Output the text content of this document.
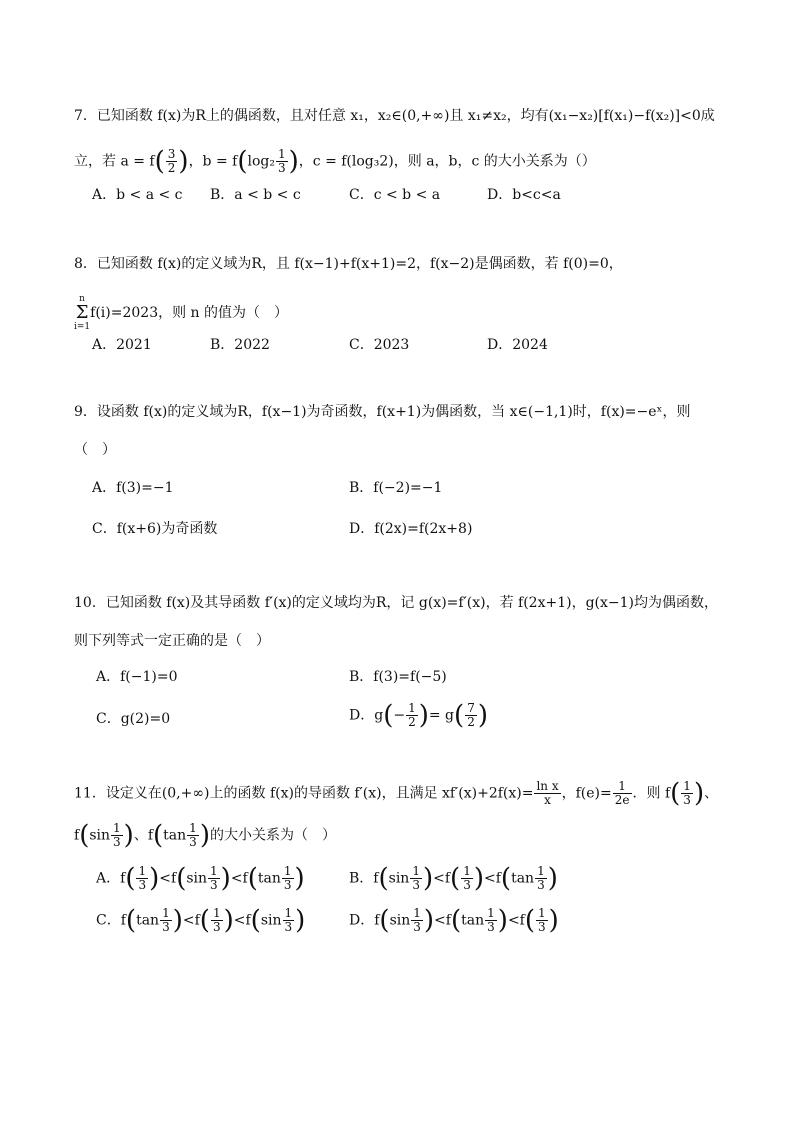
7．已知函数 f(x)为R上的偶函数，且对任意 x₁，x₂∈(0,+∞)且 x₁≠x₂，均有(x₁−x₂)[f(x₁)−f(x₂)]<0成
立，若 $a = f( \frac{3}{2}$ )，$b = f(\log_2 \frac{1}{3}$ )，c = f(log₃2)，则 a，b，c 的大小关系为（）
A．b < a < c B．a < b < c	C．c < b < a	D．b<c<a
8．已知函数 f(x)的定义域为R，且 f(x−1)+f(x+1)=2，f(x−2)是偶函数，若 f(0)=0，
n
Σ
i=1f(i)=2023，则 n 的值为（　）
A．2021	B．2022	C．2023	D．2024
9．设函数 f(x)的定义域为R，f(x−1)为奇函数，f(x+1)为偶函数，当 x∈(−1,1)时，f(x)=−eˣ，则
（　）
A．f(3)=−1	B．f(−2)=−1
C．f(x+6)为奇函数	D．f(2x)=f(2x+8)
10．已知函数 f(x)及其导函数 f′(x)的定义域均为R，记 g(x)=f′(x)，若 f(2x+1)，g(x−1)均为偶函数，
则下列等式一定正确的是（　）
A．f(−1)=0	B．f(3)=f(−5)
C．g(2)=0	D．$g(- \frac{1}{2}$ )= $g( \frac{7}{2}$ )
11．设定义在(0,+∞)上的函数 f(x)的导函数 f′(x)，且满足 $xf'(x)+2f(x)= \frac{\text{ln x}}{x}$ ，$f(e)= \frac{1}{2e}$ ．则 $f( \frac{1}{3}$ )、
$f(\sin \frac{1}{3}$ )、$f(\tan \frac{1}{3}$ )的大小关系为（　）
A．$f( \frac{1}{3} )<f(\sin \frac{1}{3} )<f(\tan \frac{1}{3}$ )	B．$f(\sin \frac{1}{3} )<f( \frac{1}{3} )<f(\tan \frac{1}{3}$ )
C．$f(\tan \frac{1}{3} )<f( \frac{1}{3} )<f(\sin \frac{1}{3}$ )	D．$f(\sin \frac{1}{3} )<f(\tan \frac{1}{3} )<f( \frac{1}{3}$ )
